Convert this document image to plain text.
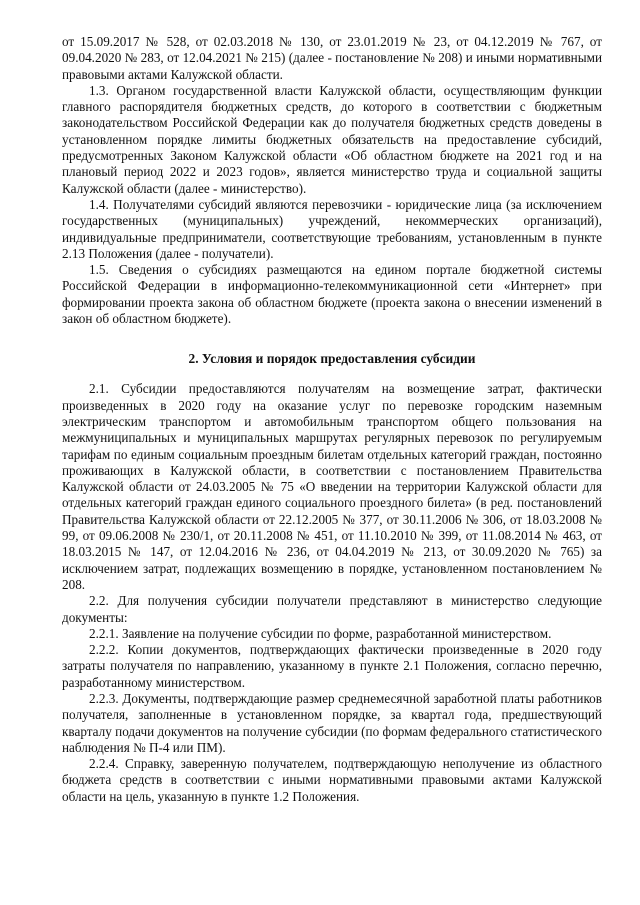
от 15.09.2017 № 528, от 02.03.2018 № 130, от 23.01.2019 № 23, от 04.12.2019 № 767, от 09.04.2020 № 283, от 12.04.2021 № 215) (далее - постановление № 208) и иными нормативными правовыми актами Калужской области.

1.3. Органом государственной власти Калужской области, осуществляющим функции главного распорядителя бюджетных средств, до которого в соответствии с бюджетным законодательством Российской Федерации как до получателя бюджетных средств доведены в установленном порядке лимиты бюджетных обязательств на предоставление субсидий, предусмотренных Законом Калужской области «Об областном бюджете на 2021 год и на плановый период 2022 и 2023 годов», является министерство труда и социальной защиты Калужской области (далее - министерство).

1.4. Получателями субсидий являются перевозчики - юридические лица (за исключением государственных (муниципальных) учреждений, некоммерческих организаций), индивидуальные предприниматели, соответствующие требованиям, установленным в пункте 2.13 Положения (далее - получатели).

1.5. Сведения о субсидиях размещаются на едином портале бюджетной системы Российской Федерации в информационно-телекоммуникационной сети «Интернет» при формировании проекта закона об областном бюджете (проекта закона о внесении изменений в закон об областном бюджете).

2. Условия и порядок предоставления субсидии

2.1. Субсидии предоставляются получателям на возмещение затрат, фактически произведенных в 2020 году на оказание услуг по перевозке городским наземным электрическим транспортом и автомобильным транспортом общего пользования на межмуниципальных и муниципальных маршрутах регулярных перевозок по регулируемым тарифам по единым социальным проездным билетам отдельных категорий граждан, постоянно проживающих в Калужской области, в соответствии с постановлением Правительства Калужской области от 24.03.2005 № 75 «О введении на территории Калужской области для отдельных категорий граждан единого социального проездного билета» (в ред. постановлений Правительства Калужской области от 22.12.2005 № 377, от 30.11.2006 № 306, от 18.03.2008 № 99, от 09.06.2008 № 230/1, от 20.11.2008 № 451, от 11.10.2010 № 399, от 11.08.2014 № 463, от 18.03.2015 № 147, от 12.04.2016 № 236, от 04.04.2019 № 213, от 30.09.2020 № 765) за исключением затрат, подлежащих возмещению в порядке, установленном постановлением № 208.

2.2. Для получения субсидии получатели представляют в министерство следующие документы:

2.2.1. Заявление на получение субсидии по форме, разработанной министерством.

2.2.2. Копии документов, подтверждающих фактически произведенные в 2020 году затраты получателя по направлению, указанному в пункте 2.1 Положения, согласно перечню, разработанному министерством.

2.2.3. Документы, подтверждающие размер среднемесячной заработной платы работников получателя, заполненные в установленном порядке, за квартал года, предшествующий кварталу подачи документов на получение субсидии (по формам федерального статистического наблюдения № П-4 или ПМ).

2.2.4. Справку, заверенную получателем, подтверждающую неполучение из областного бюджета средств в соответствии с иными нормативными правовыми актами Калужской области на цель, указанную в пункте 1.2 Положения.
